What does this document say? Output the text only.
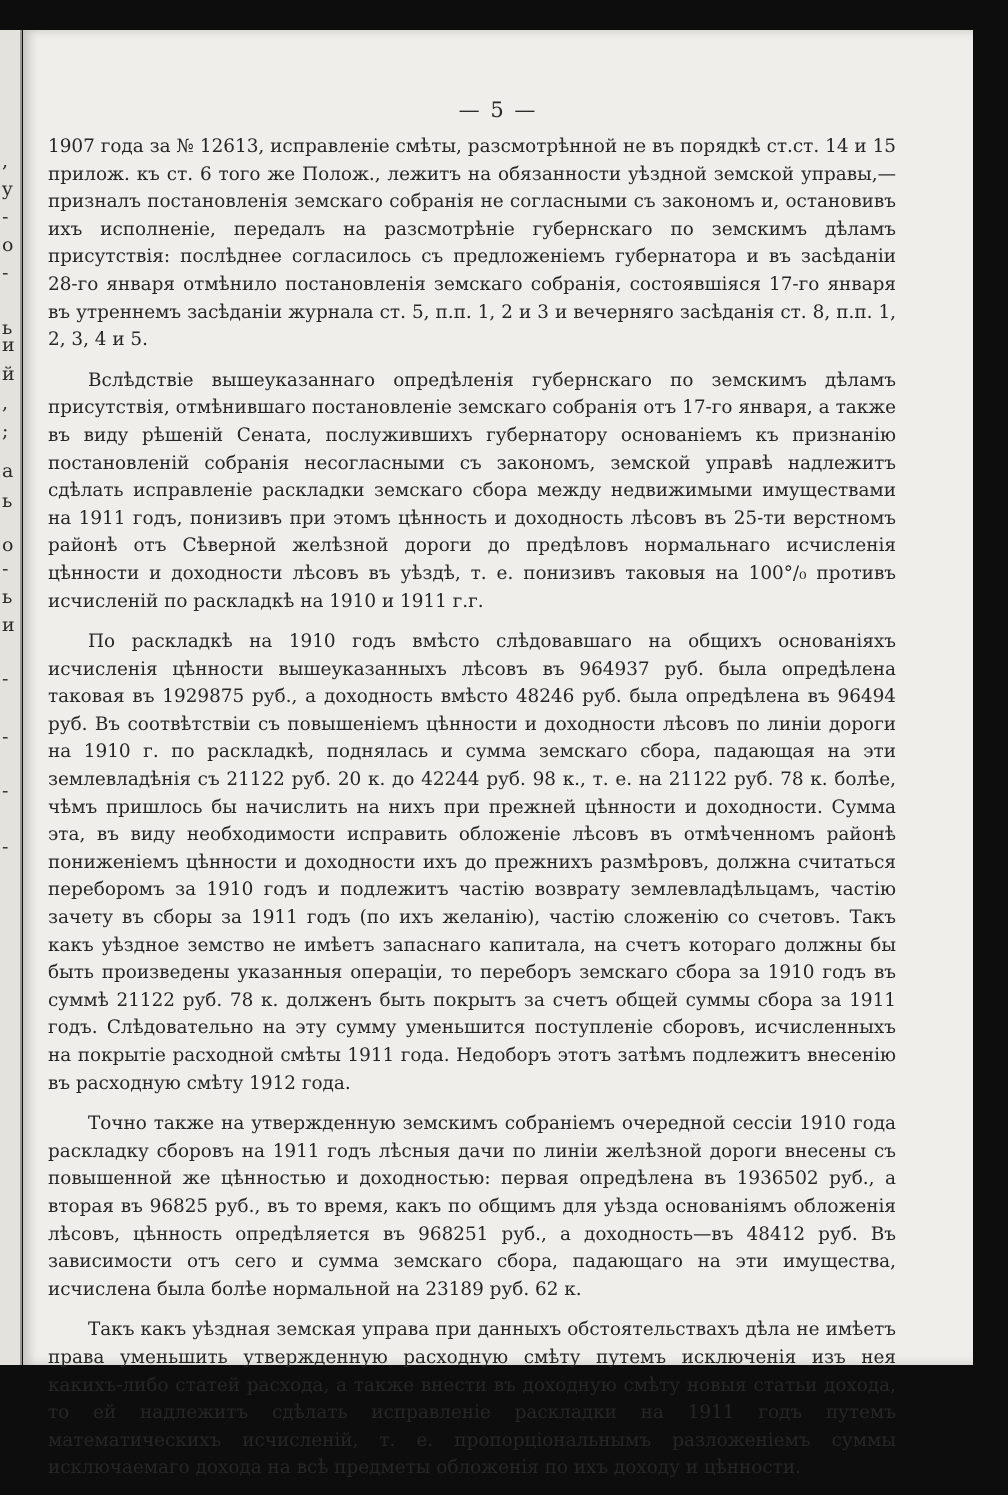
,
y
-
o
-
ь
и
й
,
;
а
ь
о
-
ь
и
-
-
-
-
— 5 —

1907 года за № 12613, исправленіе смѣты, разсмотрѣнной не въ порядкѣ ст.ст. 14 и 15 прилож. къ ст. 6 того же Полож., лежитъ на обязанности уѣздной земской управы,— призналъ постановленія земскаго собранія не согласными съ закономъ и, остановивъ ихъ исполненіе, передалъ на разсмотрѣніе губернскаго по земскимъ дѣламъ присутствія: послѣднее согласилось съ предложеніемъ губернатора и въ засѣданіи 28-го января отмѣнило постановленія земскаго собранія, состоявшіяся 17-го января въ утреннемъ засѣданіи журнала ст. 5, п.п. 1, 2 и 3 и вечерняго засѣданія ст. 8, п.п. 1, 2, 3, 4 и 5.

Вслѣдствіе вышеуказаннаго опредѣленія губернскаго по земскимъ дѣламъ присутствія, отмѣнившаго постановленіе земскаго собранія отъ 17-го января, а также въ виду рѣшеній Сената, послужившихъ губернатору основаніемъ къ признанію постановленій собранія несогласными съ закономъ, земской управѣ надлежитъ сдѣлать исправленіе раскладки земскаго сбора между недвижимыми имуществами на 1911 годъ, понизивъ при этомъ цѣнность и доходность лѣсовъ въ 25-ти верстномъ районѣ отъ Сѣверной желѣзной дороги до предѣловъ нормальнаго исчисленія цѣнности и доходности лѣсовъ въ уѣздѣ, т. е. понизивъ таковыя на 100°/₀ противъ исчисленій по раскладкѣ на 1910 и 1911 г.г.

По раскладкѣ на 1910 годъ вмѣсто слѣдовавшаго на общихъ основаніяхъ исчисленія цѣнности вышеуказанныхъ лѣсовъ въ 964937 руб. была опредѣлена таковая въ 1929875 руб., а доходность вмѣсто 48246 руб. была опредѣлена въ 96494 руб. Въ соотвѣтствіи съ повышеніемъ цѣнности и доходности лѣсовъ по линіи дороги на 1910 г. по раскладкѣ, поднялась и сумма земскаго сбора, падающая на эти землевладѣнія съ 21122 руб. 20 к. до 42244 руб. 98 к., т. е. на 21122 руб. 78 к. болѣе, чѣмъ пришлось бы начислить на нихъ при прежней цѣнности и доходности. Сумма эта, въ виду необходимости исправить обложеніе лѣсовъ въ отмѣченномъ районѣ пониженіемъ цѣнности и доходности ихъ до прежнихъ размѣровъ, должна считаться переборомъ за 1910 годъ и подлежитъ частію возврату землевладѣльцамъ, частію зачету въ сборы за 1911 годъ (по ихъ желанію), частію сложенію со счетовъ. Такъ какъ уѣздное земство не имѣетъ запаснаго капитала, на счетъ котораго должны бы быть произведены указанныя операціи, то переборъ земскаго сбора за 1910 годъ въ суммѣ 21122 руб. 78 к. долженъ быть покрытъ за счетъ общей суммы сбора за 1911 годъ. Слѣдовательно на эту сумму уменьшится поступленіе сборовъ, исчисленныхъ на покрытіе расходной смѣты 1911 года. Недоборъ этотъ затѣмъ подлежитъ внесенію въ расходную смѣту 1912 года.

Точно также на утвержденную земскимъ собраніемъ очередной сессіи 1910 года раскладку сборовъ на 1911 годъ лѣсныя дачи по линіи желѣзной дороги внесены съ повышенной же цѣнностью и доходностью: первая опредѣлена въ 1936502 руб., а вторая въ 96825 руб., въ то время, какъ по общимъ для уѣзда основаніямъ обложенія лѣсовъ, цѣнность опредѣляется въ 968251 руб., а доходность—въ 48412 руб. Въ зависимости отъ сего и сумма земскаго сбора, падающаго на эти имущества, исчислена была болѣе нормальной на 23189 руб. 62 к.

Такъ какъ уѣздная земская управа при данныхъ обстоятельствахъ дѣла не имѣетъ права уменьшить утвержденную расходную смѣту путемъ исключенія изъ нея какихъ-либо статей расхода, а также внести въ доходную смѣту новыя статьи дохода, то ей надлежитъ сдѣлать исправленіе раскладки на 1911 годъ путемъ математическихъ исчисленій, т. е. пропорціональнымъ разложеніемъ суммы исключаемаго дохода на всѣ предметы обложенія по ихъ доходу и цѣнности.
